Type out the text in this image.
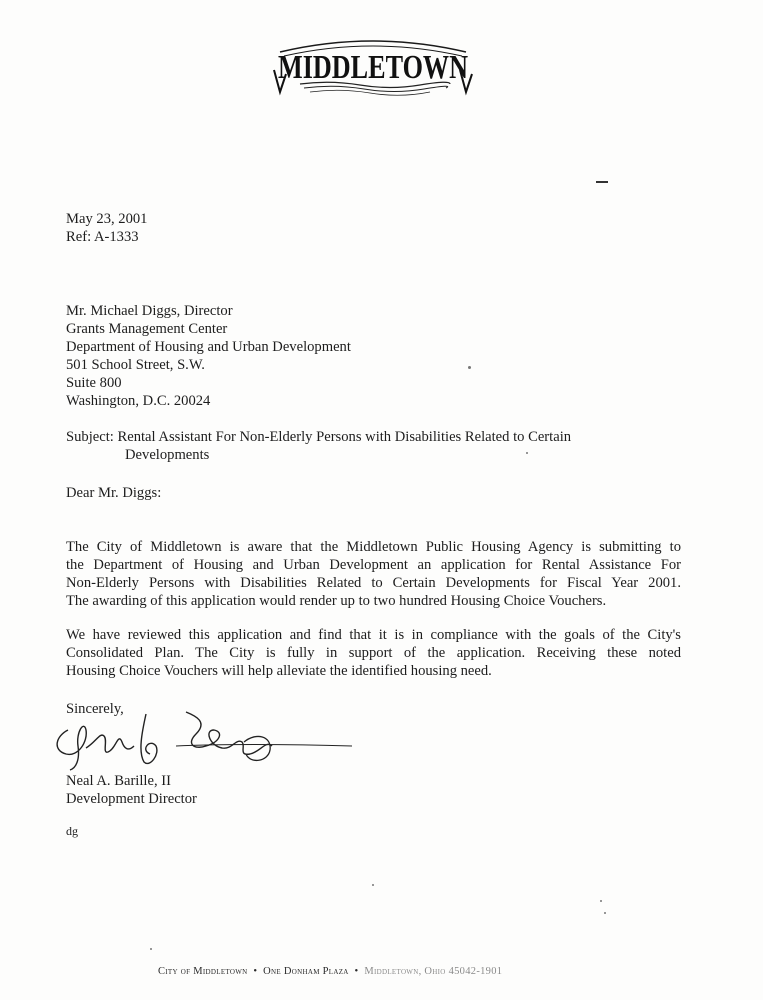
MIDDLETOWN
May 23, 2001
Ref: A-1333
Mr. Michael Diggs, Director
Grants Management Center
Department of Housing and Urban Development
501 School Street, S.W.
Suite 800
Washington, D.C. 20024
Subject: Rental Assistant For Non-Elderly Persons with Disabilities Related to Certain
Developments
Dear Mr. Diggs:
The City of Middletown is aware that the Middletown Public Housing Agency is submitting to
the Department of Housing and Urban Development an application for Rental Assistance For
Non-Elderly Persons with Disabilities Related to Certain Developments for Fiscal Year 2001.
The awarding of this application would render up to two hundred Housing Choice Vouchers.
We have reviewed this application and find that it is in compliance with the goals of the City's
Consolidated Plan. The City is fully in support of the application. Receiving these noted
Housing Choice Vouchers will help alleviate the identified housing need.
Sincerely,
Neal A. Barille, II
Development Director
dg
City of Middletown  •  One Donham Plaza  •  Middletown, Ohio 45042-1901
